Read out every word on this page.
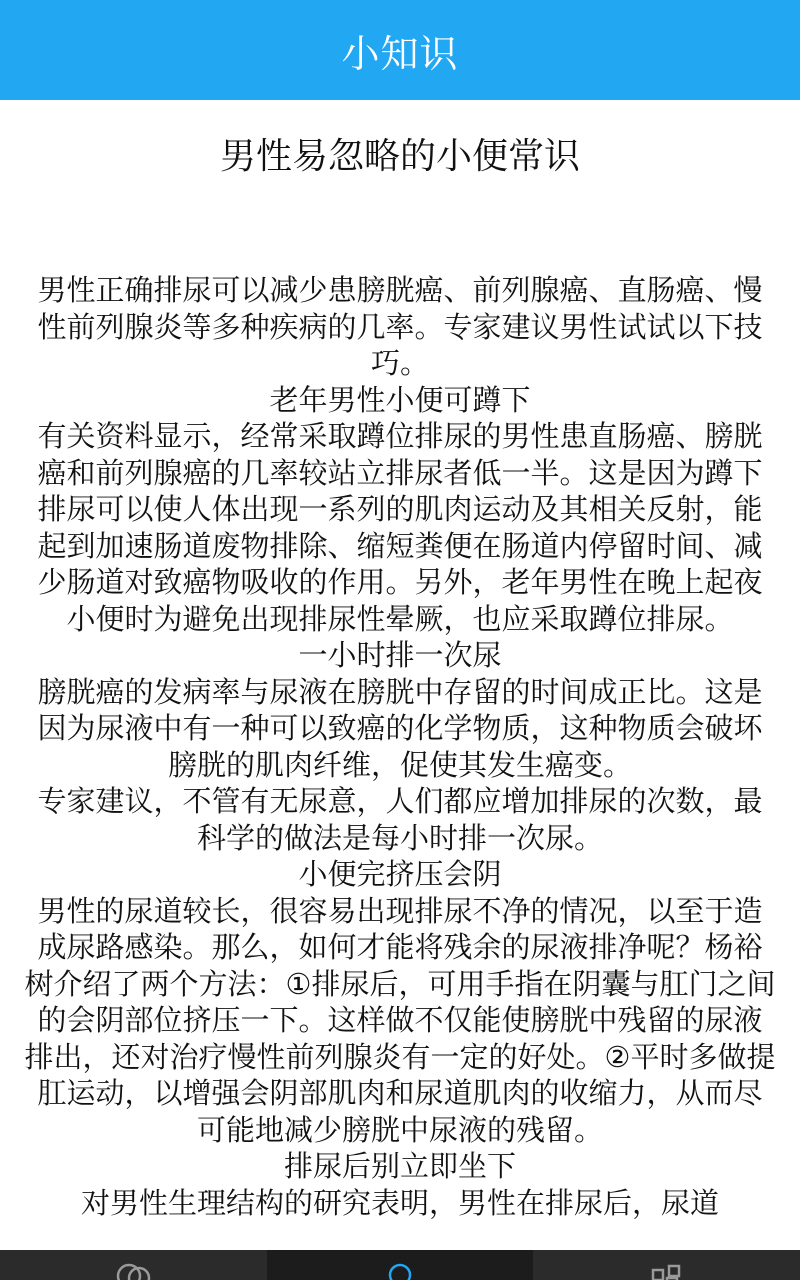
小知识
男性易忽略的小便常识

男性正确排尿可以减少患膀胱癌、前列腺癌、直肠癌、慢性前列腺炎等多种疾病的几率。专家建议男性试试以下技巧。

老年男性小便可蹲下

有关资料显示，经常采取蹲位排尿的男性患直肠癌、膀胱癌和前列腺癌的几率较站立排尿者低一半。这是因为蹲下排尿可以使人体出现一系列的肌肉运动及其相关反射，能起到加速肠道废物排除、缩短粪便在肠道内停留时间、减少肠道对致癌物吸收的作用。另外，老年男性在晚上起夜小便时为避免出现排尿性晕厥，也应采取蹲位排尿。

一小时排一次尿

膀胱癌的发病率与尿液在膀胱中存留的时间成正比。这是因为尿液中有一种可以致癌的化学物质，这种物质会破坏膀胱的肌肉纤维，促使其发生癌变。

专家建议，不管有无尿意，人们都应增加排尿的次数，最科学的做法是每小时排一次尿。

小便完挤压会阴

男性的尿道较长，很容易出现排尿不净的情况，以至于造成尿路感染。那么，如何才能将残余的尿液排净呢？杨裕树介绍了两个方法：①排尿后，可用手指在阴囊与肛门之间的会阴部位挤压一下。这样做不仅能使膀胱中残留的尿液排出，还对治疗慢性前列腺炎有一定的好处。②平时多做提肛运动，以增强会阴部肌肉和尿道肌肉的收缩力，从而尽可能地减少膀胱中尿液的残留。

排尿后别立即坐下

对男性生理结构的研究表明，男性在排尿后，尿道
